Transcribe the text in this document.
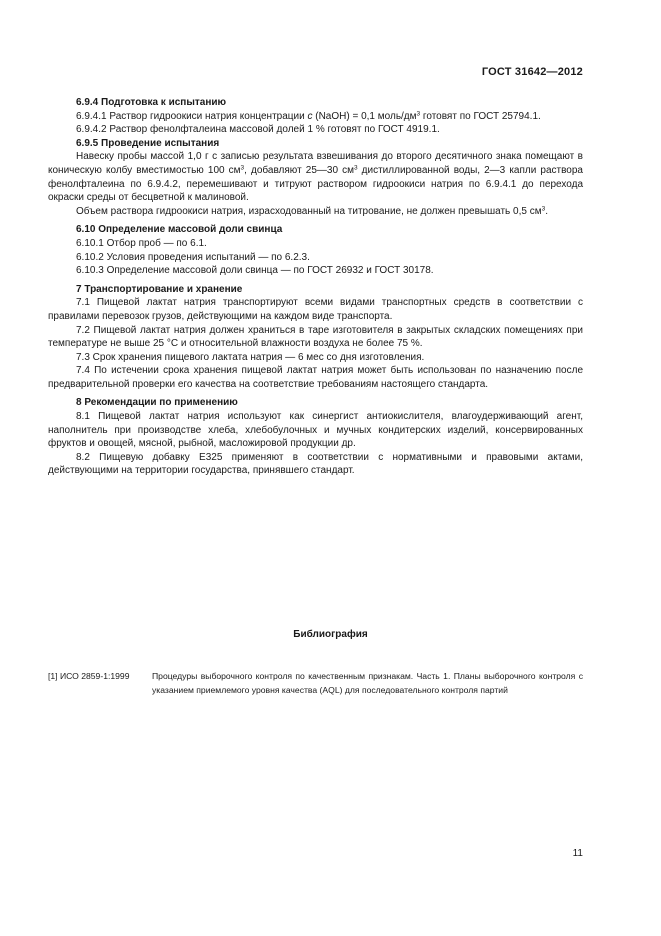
ГОСТ 31642—2012

6.9.4 Подготовка к испытанию

6.9.4.1 Раствор гидроокиси натрия концентрации c (NaOH) = 0,1 моль/$дм^3$ готовят по ГОСТ 25794.1.

6.9.4.2 Раствор фенолфталеина массовой долей 1 % готовят по ГОСТ 4919.1.

6.9.5 Проведение испытания

Навеску пробы массой 1,0 г с записью результата взвешивания до второго десятичного знака помещают в коническую колбу вместимостью 100 $см^3$, добавляют 25—30 $см^3$ дистиллированной воды, 2—3 капли раствора фенолфталеина по 6.9.4.2, перемешивают и титруют раствором гидроокиси натрия по 6.9.4.1 до перехода окраски среды от бесцветной к малиновой.

Объем раствора гидроокиси натрия, израсходованный на титрование, не должен превышать 0,5 $см^3$.

6.10 Определение массовой доли свинца

6.10.1 Отбор проб — по 6.1.

6.10.2 Условия проведения испытаний — по 6.2.3.

6.10.3 Определение массовой доли свинца — по ГОСТ 26932 и ГОСТ 30178.

7 Транспортирование и хранение

7.1 Пищевой лактат натрия транспортируют всеми видами транспортных средств в соответствии с правилами перевозок грузов, действующими на каждом виде транспорта.

7.2 Пищевой лактат натрия должен храниться в таре изготовителя в закрытых складских помещениях при температуре не выше 25 °С и относительной влажности воздуха не более 75 %.

7.3 Срок хранения пищевого лактата натрия — 6 мес со дня изготовления.

7.4 По истечении срока хранения пищевой лактат натрия может быть использован по назначению после предварительной проверки его качества на соответствие требованиям настоящего стандарта.

8 Рекомендации по применению

8.1 Пищевой лактат натрия используют как синергист антиокислителя, влагоудерживающий агент, наполнитель при производстве хлеба, хлебобулочных и мучных кондитерских изделий, консервированных фруктов и овощей, мясной, рыбной, масложировой продукции др.

8.2 Пищевую добавку Е325 применяют в соответствии с нормативными и правовыми актами, действующими на территории государства, принявшего стандарт.

Библиография
[1] ИСО 2859-1:1999	Процедуры выборочного контроля по качественным признакам. Часть 1. Планы выборочного контроля с указанием приемлемого уровня качества (AQL) для последовательного контроля партий
11
